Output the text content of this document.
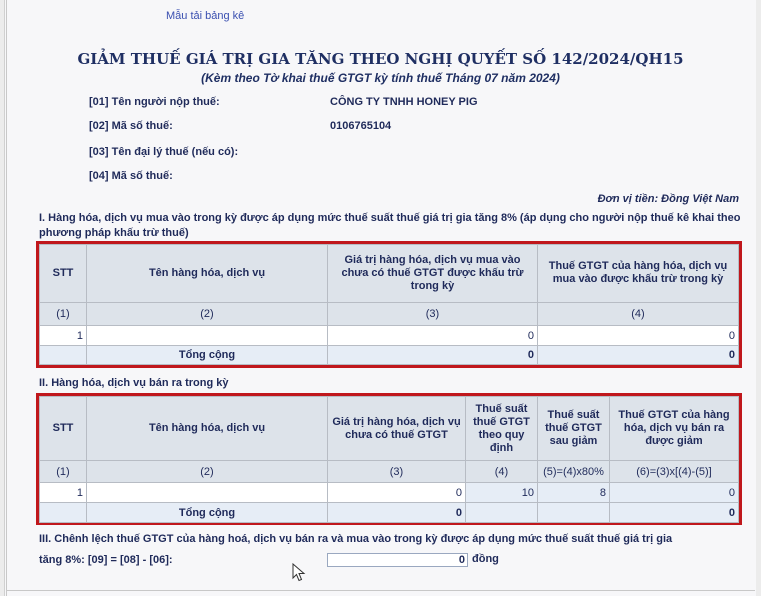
Mẫu tải bảng kê
GIẢM THUẾ GIÁ TRỊ GIA TĂNG THEO NGHỊ QUYẾT SỐ 142/2024/QH15
(Kèm theo Tờ khai thuế GTGT kỳ tính thuế Tháng 07 năm 2024)
[01] Tên người nộp thuế:	CÔNG TY TNHH HONEY PIG
[02] Mã số thuế:	0106765104
[03] Tên đại lý thuế (nếu có):
[04] Mã số thuế:
Đơn vị tiền: Đồng Việt Nam
I. Hàng hóa, dịch vụ mua vào trong kỳ được áp dụng mức thuế suất thuế giá trị gia tăng 8% (áp dụng cho người nộp thuế kê khai theo phương pháp khấu trừ thuế)
STT	Tên hàng hóa, dịch vụ	Giá trị hàng hóa, dịch vụ mua vào chưa có thuế GTGT được khấu trừ trong kỳ	Thuế GTGT của hàng hóa, dịch vụ mua vào được khấu trừ trong kỳ
(1)	(2)	(3)	(4)
1		0	0
	Tổng cộng	0	0
II. Hàng hóa, dịch vụ bán ra trong kỳ
STT	Tên hàng hóa, dịch vụ	Giá trị hàng hóa, dịch vụ chưa có thuế GTGT	Thuế suất thuế GTGT theo quy định	Thuế suất thuế GTGT sau giảm	Thuế GTGT của hàng hóa, dịch vụ bán ra được giảm
(1)	(2)	(3)	(4)	(5)=(4)x80%	(6)=(3)x[(4)-(5)]
1		0	10	8	0
	Tổng cộng	0			0
III. Chênh lệch thuế GTGT của hàng hoá, dịch vụ bán ra và mua vào trong kỳ được áp dụng mức thuế suất thuế giá trị gia
tăng 8%: [09] = [08] - [06]:	0 đồng
